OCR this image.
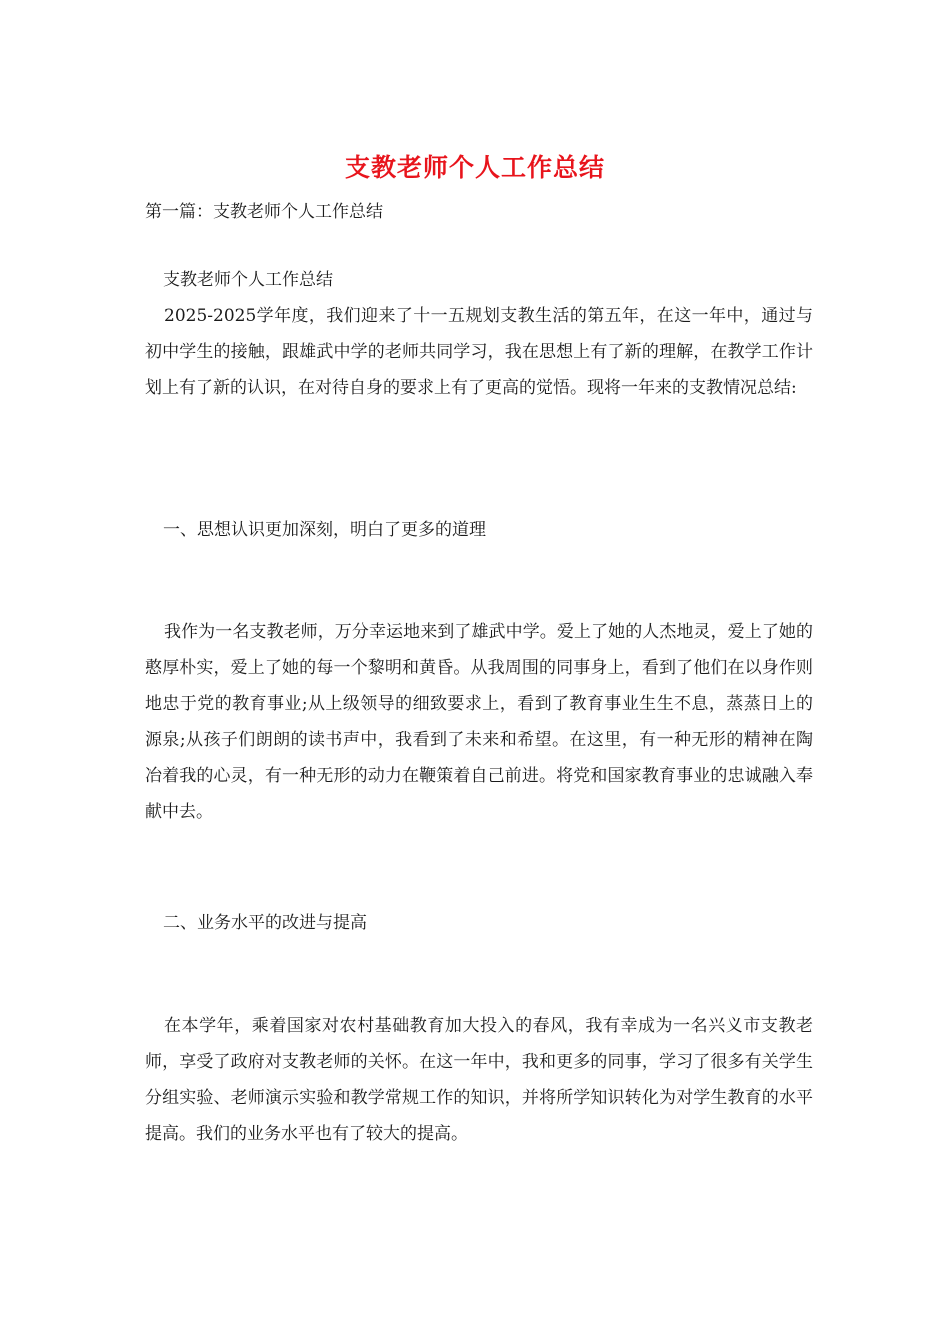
支教老师个人工作总结
第一篇：支教老师个人工作总结
支教老师个人工作总结
2025-2025学年度，我们迎来了十一五规划支教生活的第五年，在这一年中，通过与初中学生的接触，跟雄武中学的老师共同学习，我在思想上有了新的理解，在教学工作计划上有了新的认识，在对待自身的要求上有了更高的觉悟。现将一年来的支教情况总结:
一、思想认识更加深刻，明白了更多的道理
我作为一名支教老师，万分幸运地来到了雄武中学。爱上了她的人杰地灵，爱上了她的憨厚朴实，爱上了她的每一个黎明和黄昏。从我周围的同事身上，看到了他们在以身作则地忠于党的教育事业;从上级领导的细致要求上，看到了教育事业生生不息，蒸蒸日上的源泉;从孩子们朗朗的读书声中，我看到了未来和希望。在这里，有一种无形的精神在陶冶着我的心灵，有一种无形的动力在鞭策着自己前进。将党和国家教育事业的忠诚融入奉献中去。
二、业务水平的改进与提高
在本学年，乘着国家对农村基础教育加大投入的春风，我有幸成为一名兴义市支教老师，享受了政府对支教老师的关怀。在这一年中，我和更多的同事，学习了很多有关学生分组实验、老师演示实验和教学常规工作的知识，并将所学知识转化为对学生教育的水平提高。我们的业务水平也有了较大的提高。
